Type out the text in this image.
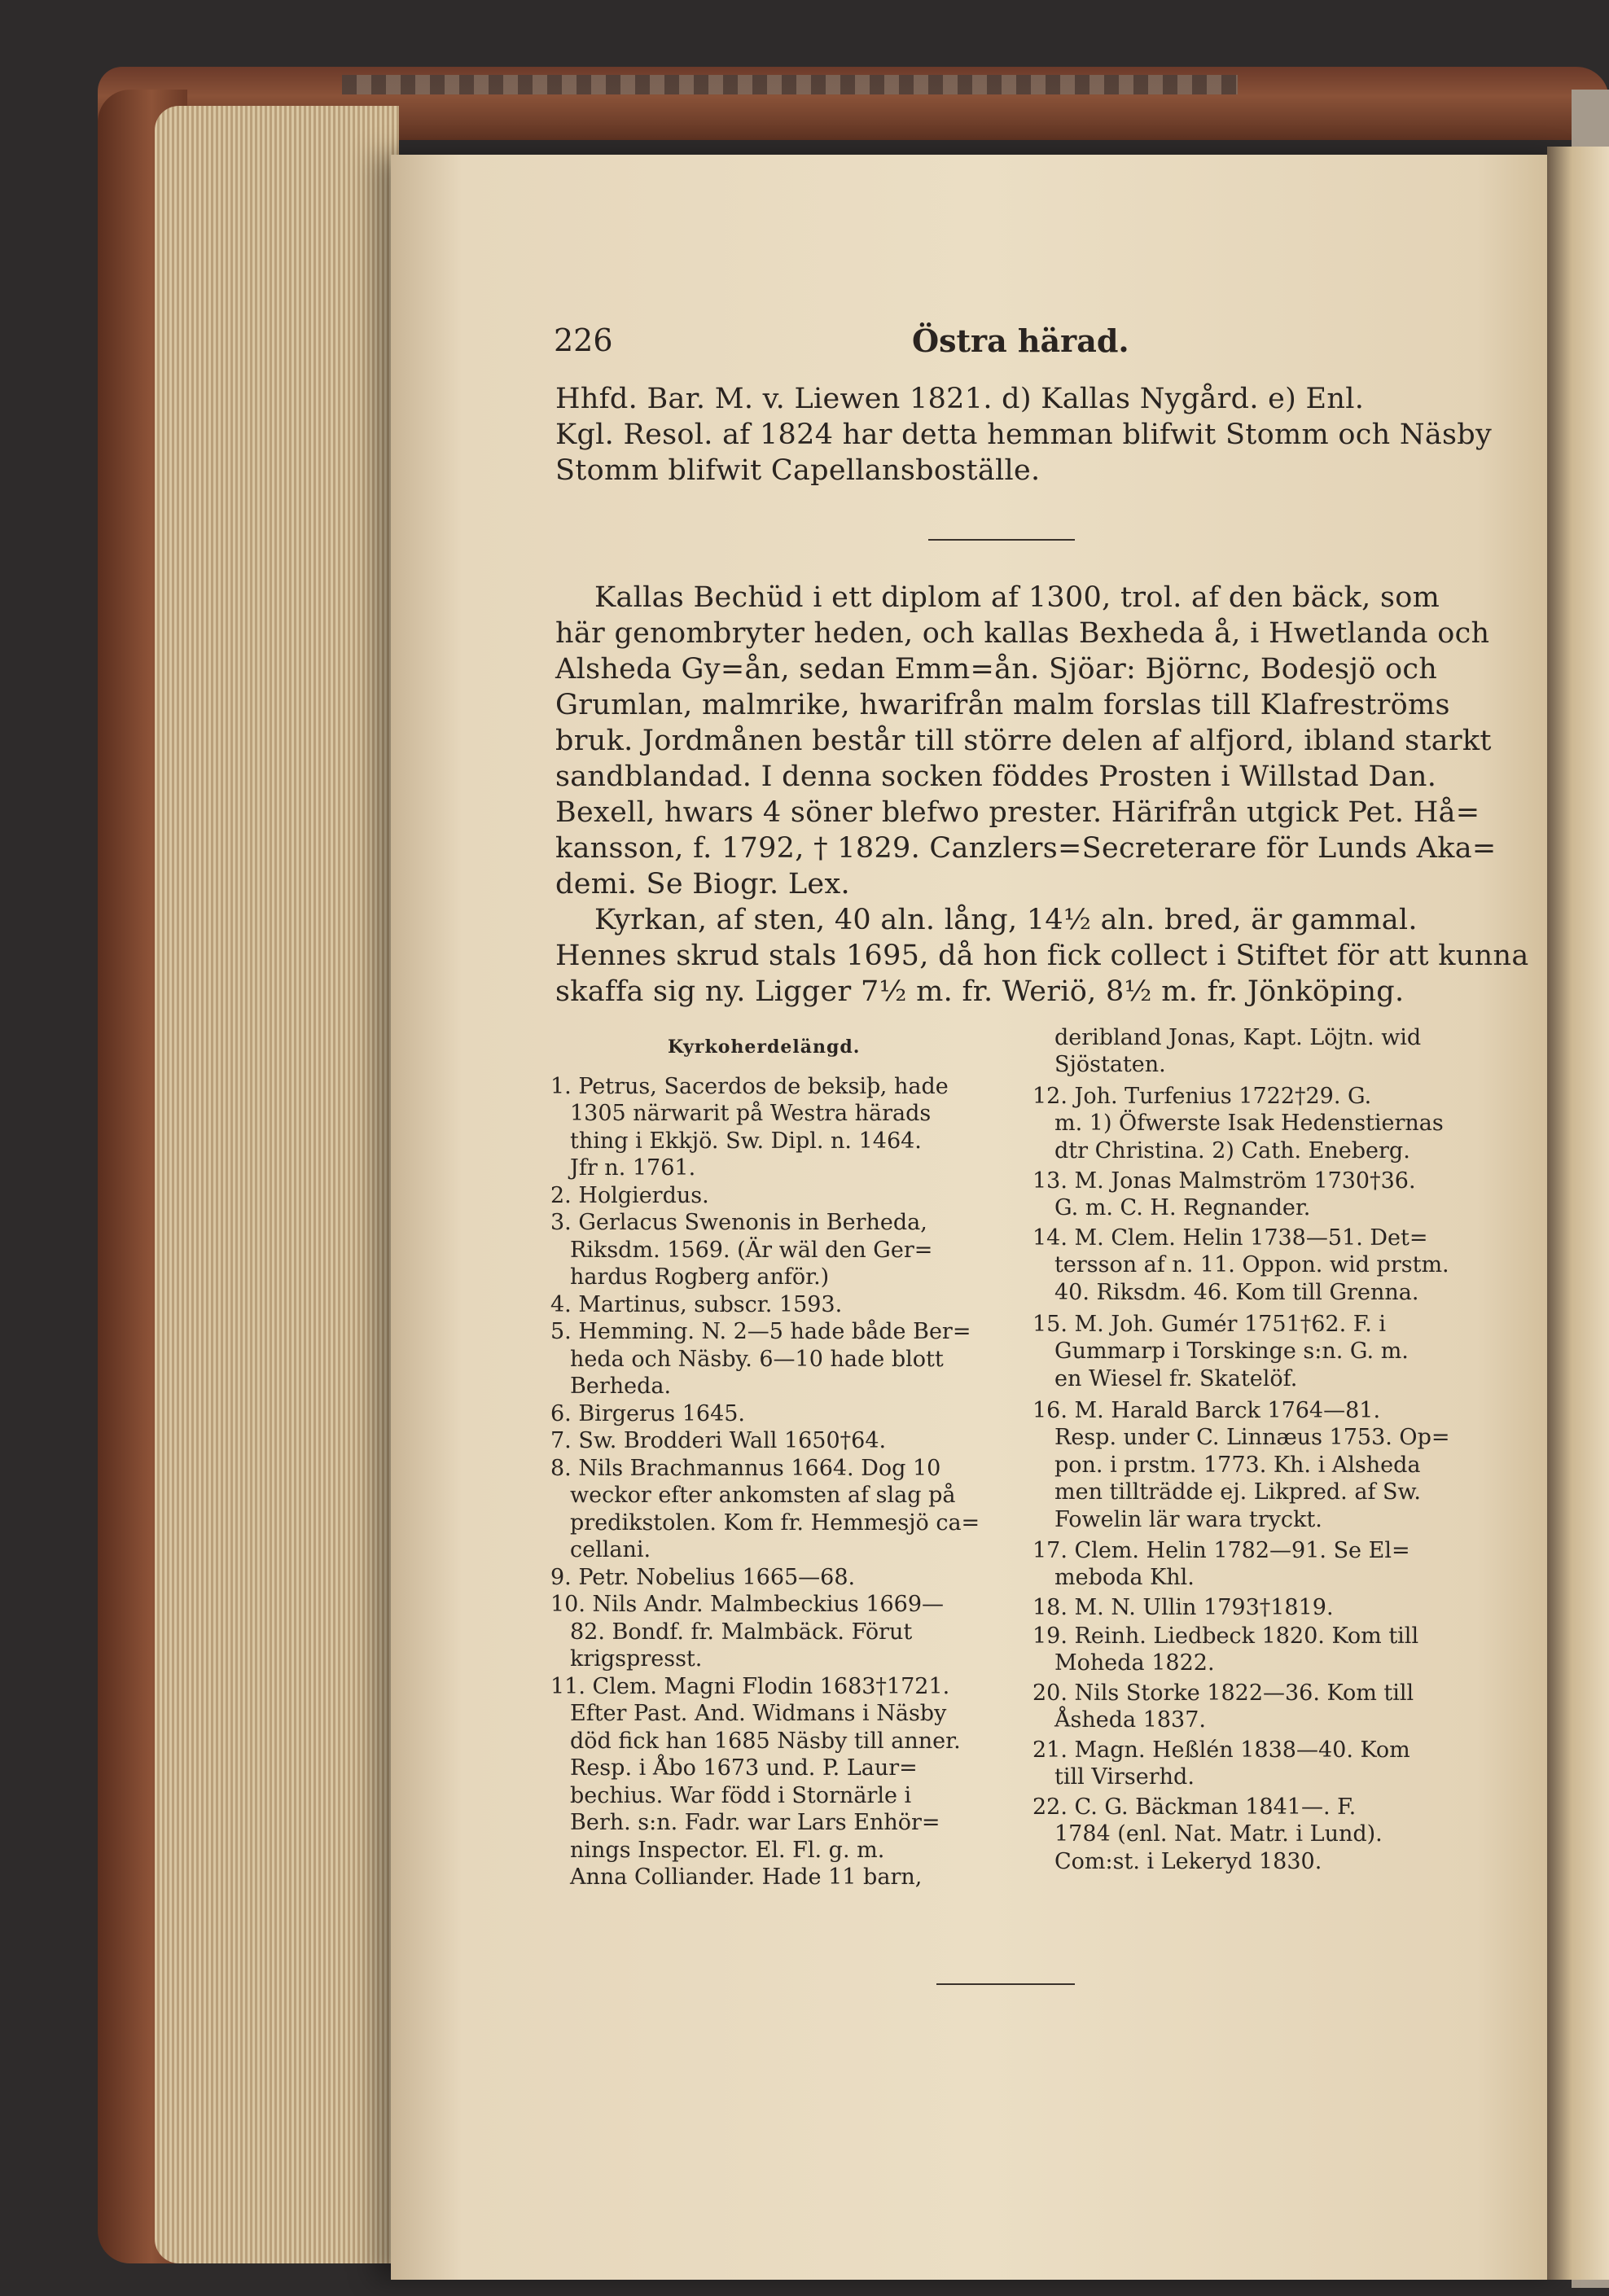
226	Östra härad.
Hhfd. Bar. M. v. Liewen 1821. d) Kallas Nygård. e) Enl.
Kgl. Resol. af 1824 har detta hemman blifwit Stomm och Näsby
Stomm blifwit Capellansboställe.
Kallas Bechüd i ett diplom af 1300, trol. af den bäck, som
här genombryter heden, och kallas Bexheda å, i Hwetlanda och
Alsheda Gy=ån, sedan Emm=ån. Sjöar: Björnc, Bodesjö och
Grumlan, malmrike, hwarifrån malm forslas till Klafreströms
bruk. Jordmånen består till större delen af alfjord, ibland starkt
sandblandad. I denna socken föddes Prosten i Willstad Dan.
Bexell, hwars 4 söner blefwo prester. Härifrån utgick Pet. Hå=
kansson, f. 1792, † 1829. Canzlers=Secreterare för Lunds Aka=
demi. Se Biogr. Lex.
Kyrkan, af sten, 40 aln. lång, 14½ aln. bred, är gammal.
Hennes skrud stals 1695, då hon fick collect i Stiftet för att kunna
skaffa sig ny. Ligger 7½ m. fr. Weriö, 8½ m. fr. Jönköping.
Kyrkoherdelängd.
1. Petrus, Sacerdos de beksiþ, hade
1305 närwarit på Westra härads
thing i Ekkjö. Sw. Dipl. n. 1464.
Jfr n. 1761.
2. Holgierdus.
3. Gerlacus Swenonis in Berheda,
Riksdm. 1569. (Är wäl den Ger=
hardus Rogberg anför.)
4. Martinus, subscr. 1593.
5. Hemming. N. 2—5 hade både Ber=
heda och Näsby. 6—10 hade blott
Berheda.
6. Birgerus 1645.
7. Sw. Brodderi Wall 1650†64.
8. Nils Brachmannus 1664. Dog 10
weckor efter ankomsten af slag på
predikstolen. Kom fr. Hemmesjö ca=
cellani.
9. Petr. Nobelius 1665—68.
10. Nils Andr. Malmbeckius 1669—
82. Bondf. fr. Malmbäck. Förut
krigspresst.
11. Clem. Magni Flodin 1683†1721.
Efter Past. And. Widmans i Näsby
död fick han 1685 Näsby till anner.
Resp. i Åbo 1673 und. P. Laur=
bechius. War född i Stornärle i
Berh. s:n. Fadr. war Lars Enhör=
nings Inspector. El. Fl. g. m.
Anna Colliander. Hade 11 barn,
deribland Jonas, Kapt. Löjtn. wid
Sjöstaten.
12. Joh. Turfenius 1722†29. G.
m. 1) Öfwerste Isak Hedenstiernas
dtr Christina. 2) Cath. Eneberg.
13. M. Jonas Malmström 1730†36.
G. m. C. H. Regnander.
14. M. Clem. Helin 1738—51. Det=
tersson af n. 11. Oppon. wid prstm.
40. Riksdm. 46. Kom till Grenna.
15. M. Joh. Gumér 1751†62. F. i
Gummarp i Torskinge s:n. G. m.
en Wiesel fr. Skatelöf.
16. M. Harald Barck 1764—81.
Resp. under C. Linnæus 1753. Op=
pon. i prstm. 1773. Kh. i Alsheda
men tillträdde ej. Likpred. af Sw.
Fowelin lär wara tryckt.
17. Clem. Helin 1782—91. Se El=
meboda Khl.
18. M. N. Ullin 1793†1819.
19. Reinh. Liedbeck 1820. Kom till
Moheda 1822.
20. Nils Storke 1822—36. Kom till
Åsheda 1837.
21. Magn. Heßlén 1838—40. Kom
till Virserhd.
22. C. G. Bäckman 1841—. F.
1784 (enl. Nat. Matr. i Lund).
Com:st. i Lekeryd 1830.
